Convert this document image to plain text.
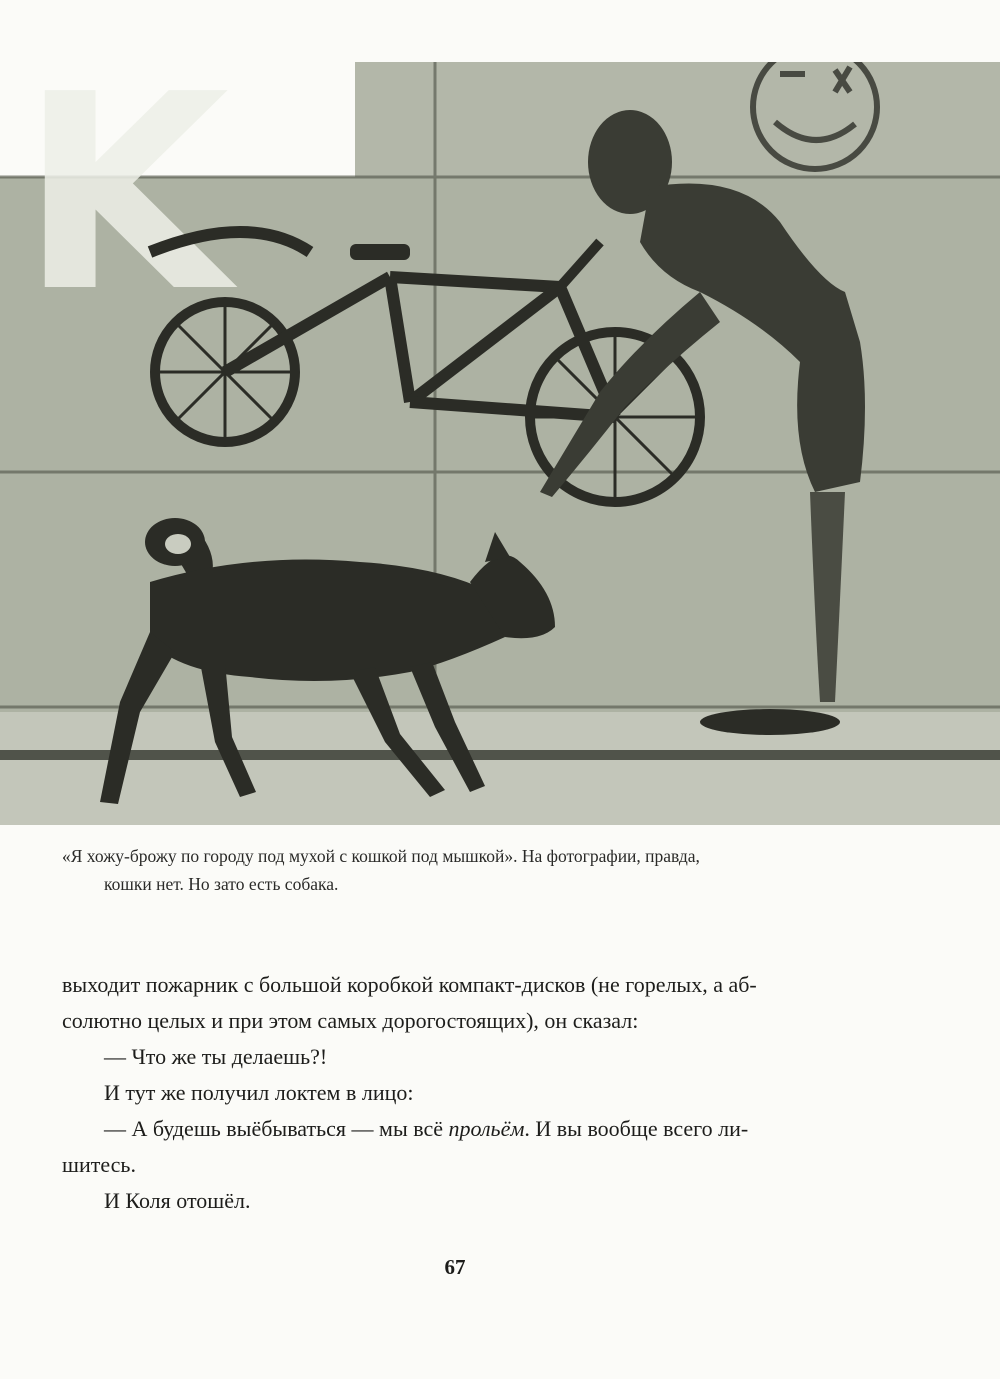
K

«Я хожу-брожу по городу под мухой с кошкой под мышкой». На фотографии, правда,

кошки нет. Но зато есть собака.

выходит пожарник с большой коробкой компакт-дисков (не горелых, а аб-

солютно целых и при этом самых дорогостоящих), он сказал:

— Что же ты делаешь?!

И тут же получил локтем в лицо:

— А будешь выёбываться — мы всё прольём. И вы вообще всего ли-

шитесь.

И Коля отошёл.

67
